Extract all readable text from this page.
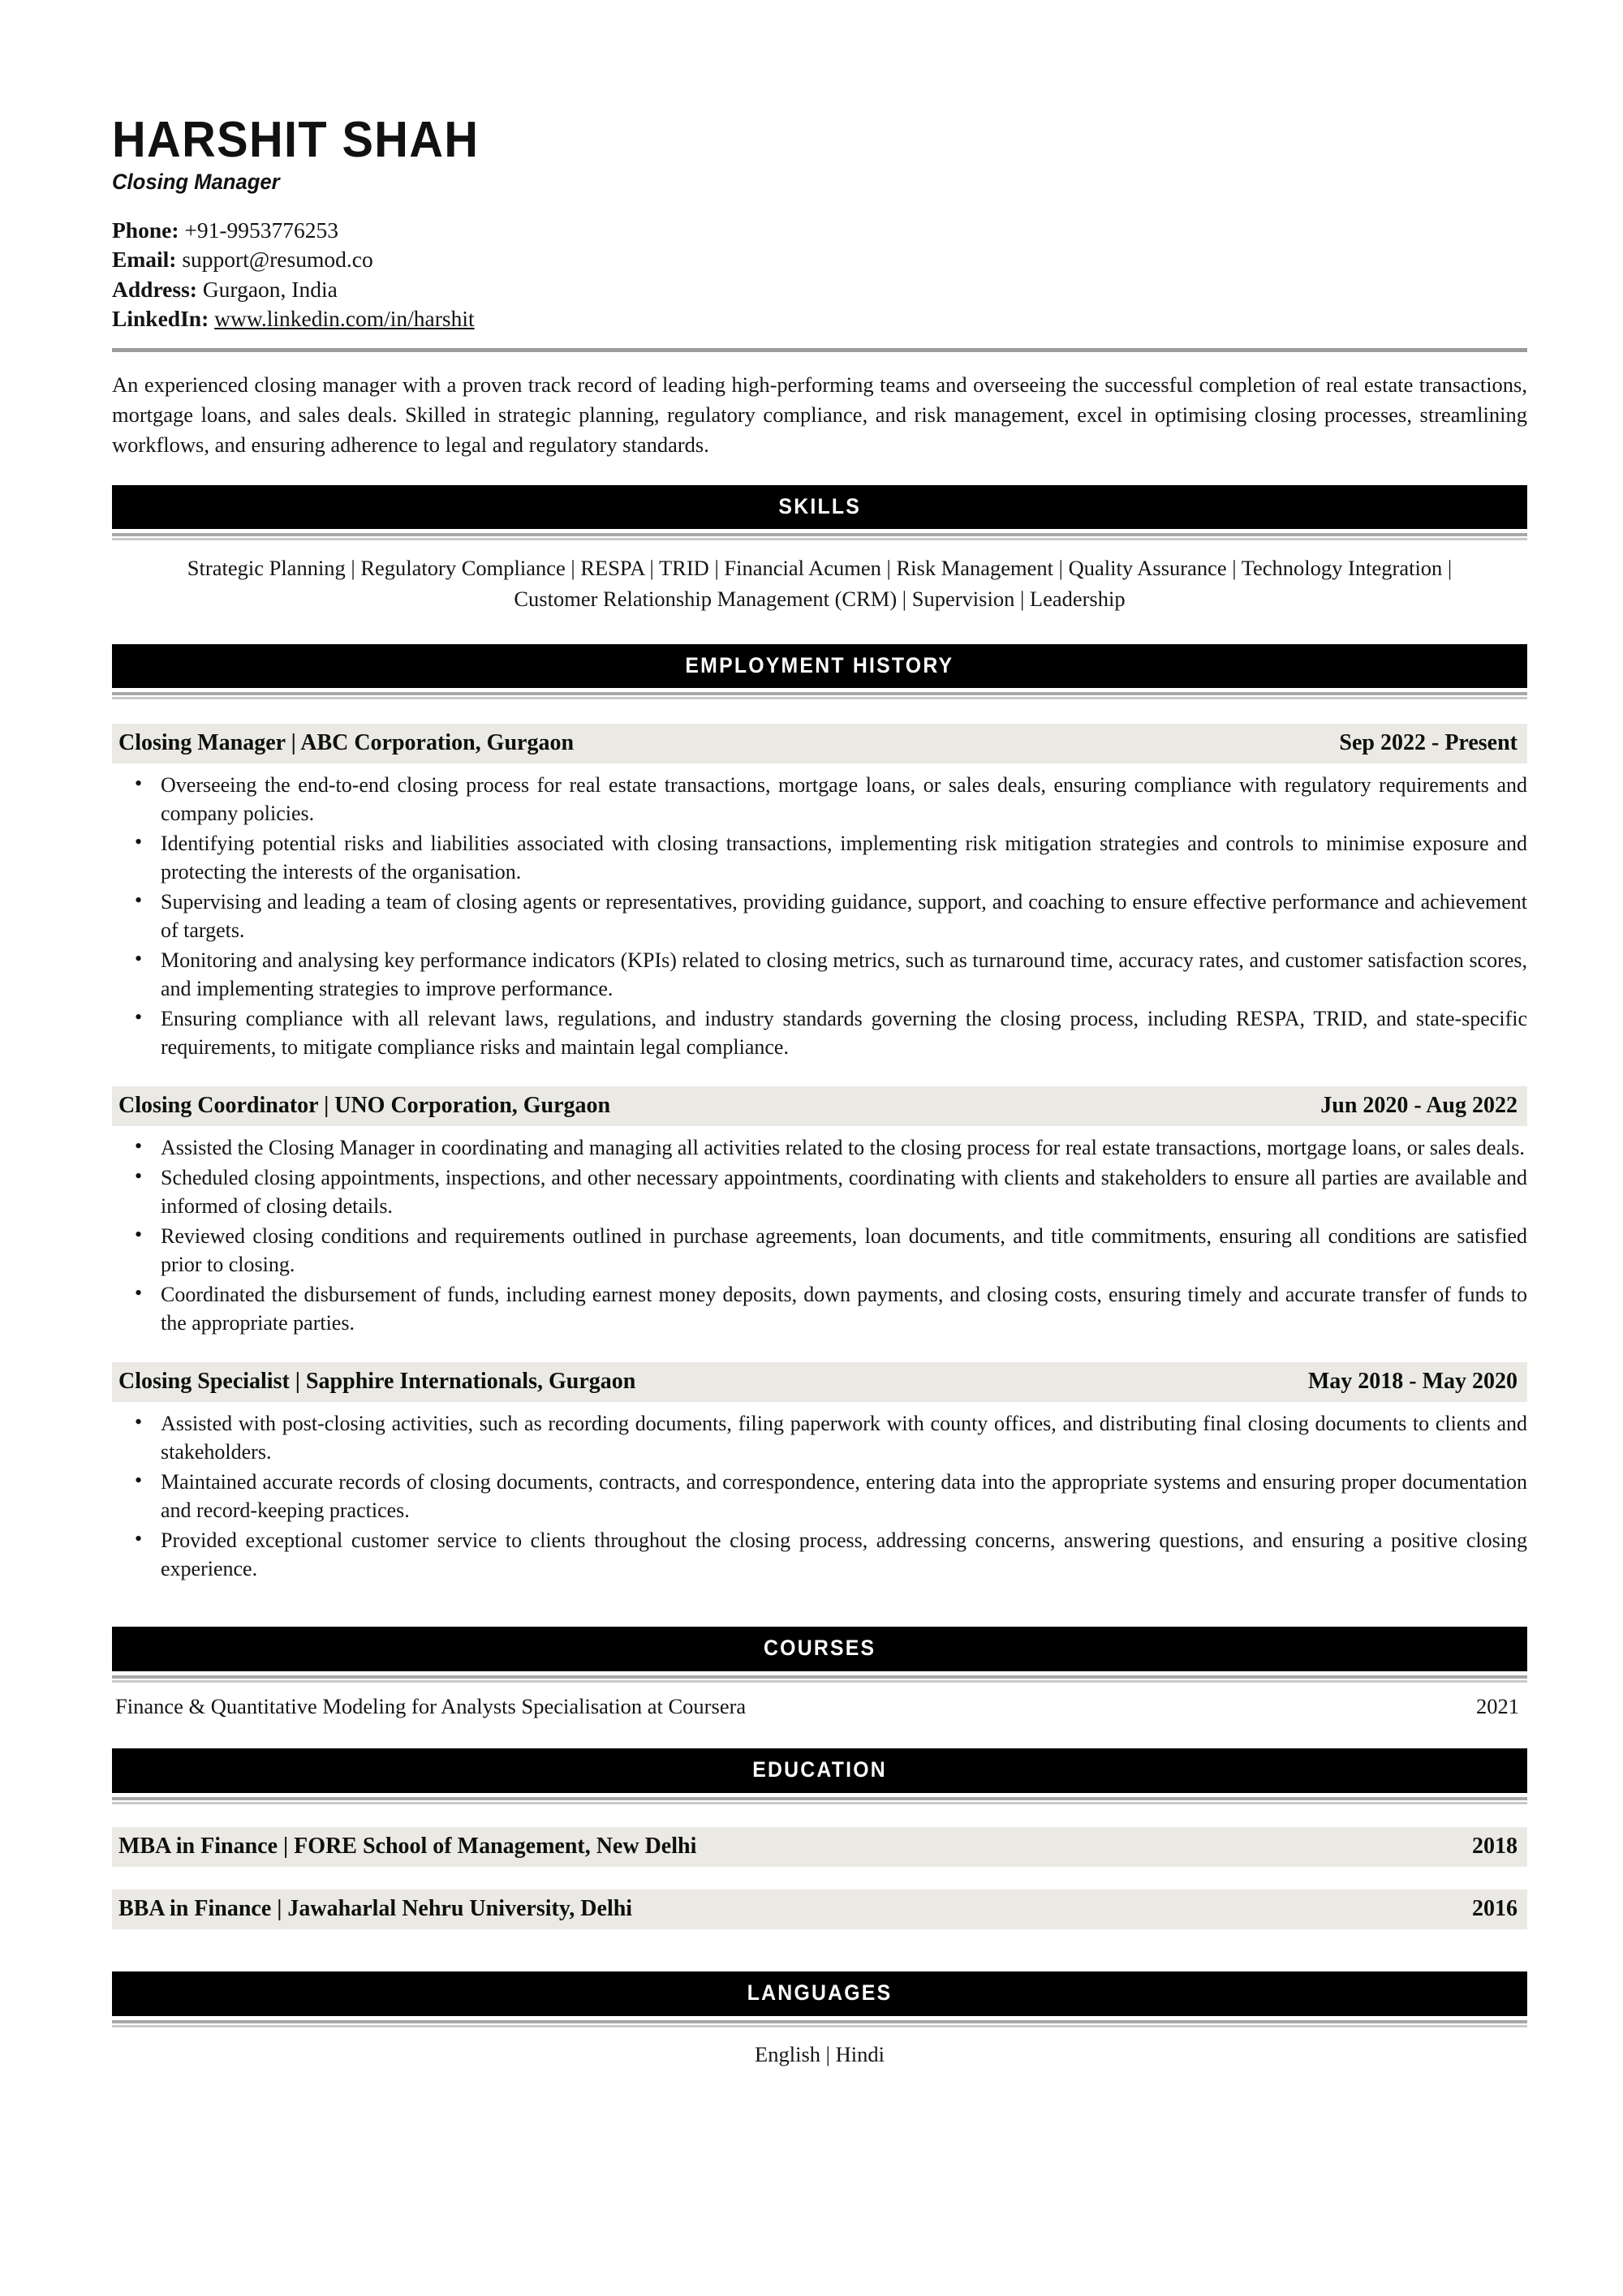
HARSHIT SHAH
Closing Manager
Phone: +91-9953776253
Email: support@resumod.co
Address: Gurgaon, India
LinkedIn: www.linkedin.com/in/harshit

An experienced closing manager with a proven track record of leading high-performing teams and overseeing the successful completion of real estate transactions, mortgage loans, and sales deals. Skilled in strategic planning, regulatory compliance, and risk management, excel in optimising closing processes, streamlining workflows, and ensuring adherence to legal and regulatory standards.

SKILLS
Strategic Planning | Regulatory Compliance | RESPA | TRID | Financial Acumen | Risk Management | Quality Assurance | Technology Integration | Customer Relationship Management (CRM) | Supervision | Leadership
EMPLOYMENT HISTORY
Closing Manager | ABC Corporation, Gurgaon	Sep 2022 - Present
• Overseeing the end-to-end closing process for real estate transactions, mortgage loans, or sales deals, ensuring compliance with regulatory requirements and company policies.
• Identifying potential risks and liabilities associated with closing transactions, implementing risk mitigation strategies and controls to minimise exposure and protecting the interests of the organisation.
• Supervising and leading a team of closing agents or representatives, providing guidance, support, and coaching to ensure effective performance and achievement of targets.
• Monitoring and analysing key performance indicators (KPIs) related to closing metrics, such as turnaround time, accuracy rates, and customer satisfaction scores, and implementing strategies to improve performance.
• Ensuring compliance with all relevant laws, regulations, and industry standards governing the closing process, including RESPA, TRID, and state-specific requirements, to mitigate compliance risks and maintain legal compliance.
Closing Coordinator | UNO Corporation, Gurgaon	Jun 2020 - Aug 2022
• Assisted the Closing Manager in coordinating and managing all activities related to the closing process for real estate transactions, mortgage loans, or sales deals.
• Scheduled closing appointments, inspections, and other necessary appointments, coordinating with clients and stakeholders to ensure all parties are available and informed of closing details.
• Reviewed closing conditions and requirements outlined in purchase agreements, loan documents, and title commitments, ensuring all conditions are satisfied prior to closing.
• Coordinated the disbursement of funds, including earnest money deposits, down payments, and closing costs, ensuring timely and accurate transfer of funds to the appropriate parties.
Closing Specialist | Sapphire Internationals, Gurgaon	May 2018 - May 2020
• Assisted with post-closing activities, such as recording documents, filing paperwork with county offices, and distributing final closing documents to clients and stakeholders.
• Maintained accurate records of closing documents, contracts, and correspondence, entering data into the appropriate systems and ensuring proper documentation and record-keeping practices.
• Provided exceptional customer service to clients throughout the closing process, addressing concerns, answering questions, and ensuring a positive closing experience.
COURSES
Finance & Quantitative Modeling for Analysts Specialisation at Coursera	2021
EDUCATION
MBA in Finance | FORE School of Management, New Delhi	2018
BBA in Finance | Jawaharlal Nehru University, Delhi	2016
LANGUAGES
English | Hindi
